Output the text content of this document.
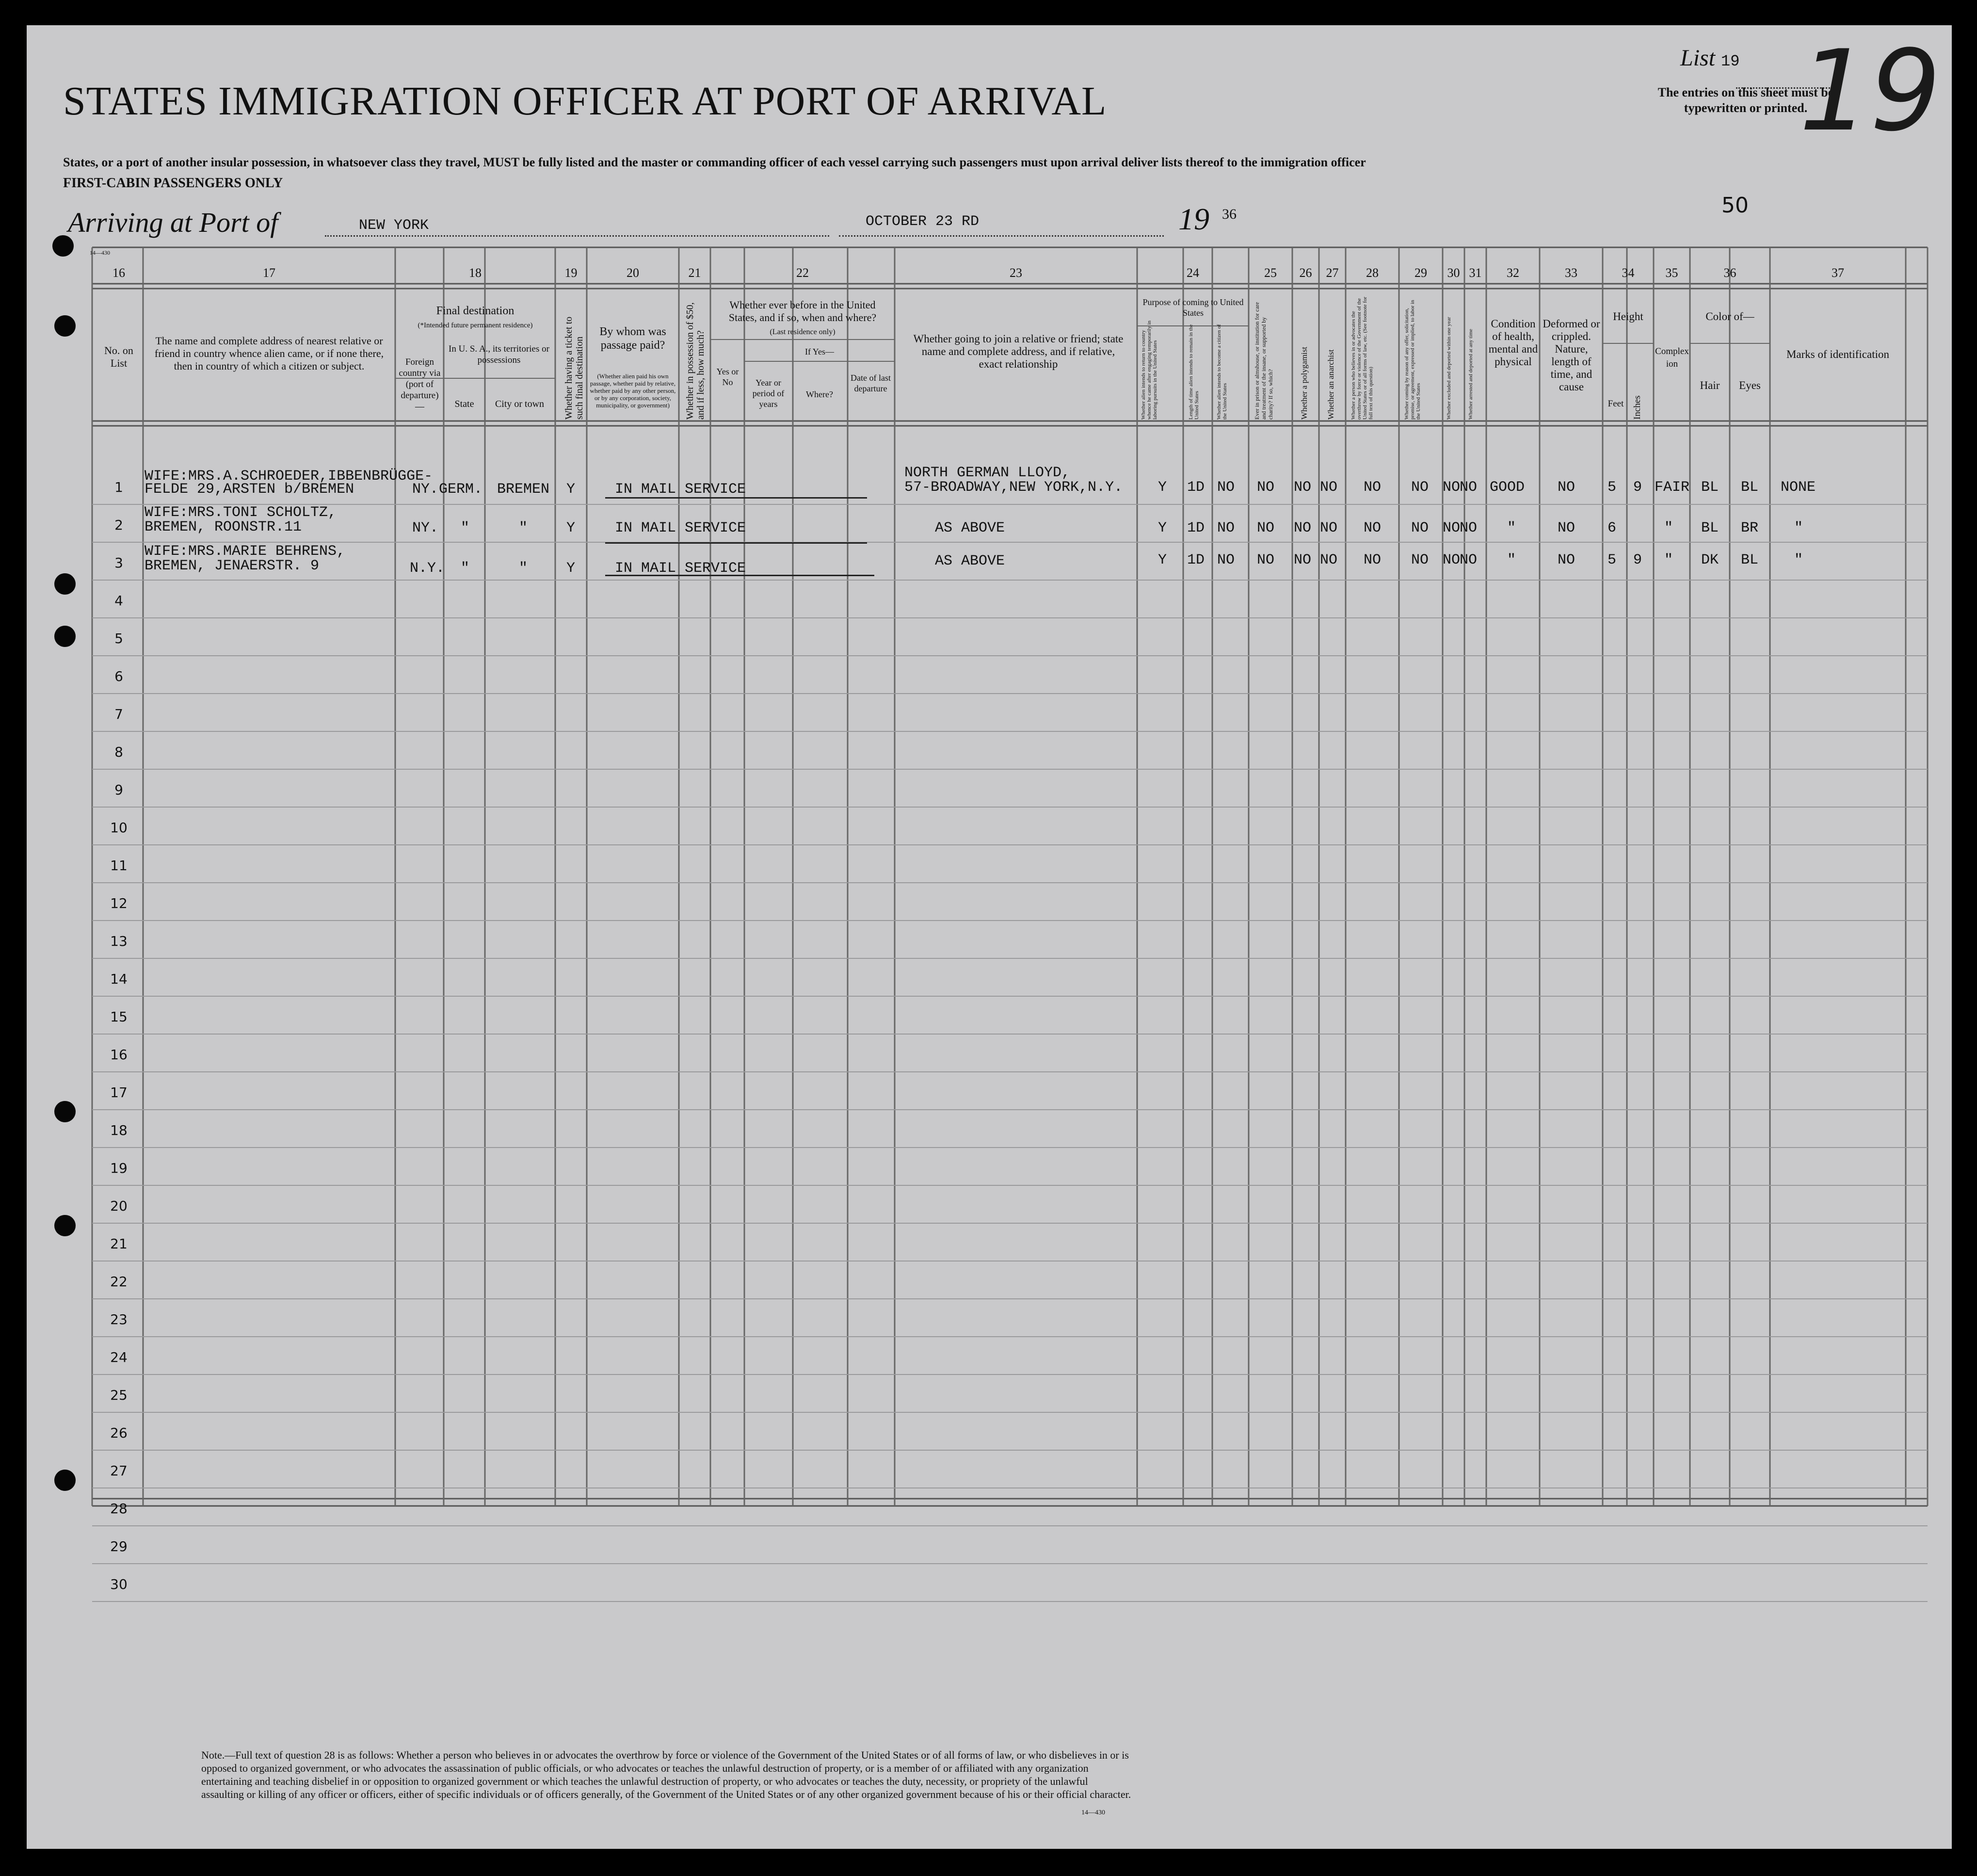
STATES IMMIGRATION OFFICER AT PORT OF ARRIVAL
States, or a port of another insular possession, in whatsoever class they travel, MUST be fully listed and the master or commanding officer of each vessel carrying such passengers must upon arrival deliver lists thereof to the immigration officer
FIRST-CABIN PASSENGERS ONLY
Arriving at Port of	NEW YORK	OCTOBER 23 RD	19 36
List 19
The entries on this sheet must be typewritten or printed.
19
50
14—430
16	17	18	19	20	21	22	23	24	25	26	27	28	29	30 31	32	33	34	35	36	37
No. on List
The name and complete address of nearest relative or friend in country whence alien came, or if none there, then in country of which a citizen or subject.
Final destination
(*Intended future permanent residence)
Foreign country via (port of departure)—
In U. S. A., its territories or possessions
State	City or town	Whether having a ticket to such final destination
By whom was passage paid?
(Whether alien paid his own passage, whether paid by relative, whether paid by any other person, or by any corporation, society, municipality, or government)	Whether in possession of $50, and if less, how much?
Whether ever before in the United States, and if so, when and where?
(Last residence only)
Yes or No
If Yes—
Year or period of years
Where?
Date of last departure
Whether going to join a relative or friend; state name and complete address, and if relative, exact relationship
Purpose of coming to United States
Whether alien intends to return to country whence he came after engaging temporarily in laboring pursuits in the United States	Length of time alien intends to remain in the United States	Whether alien intends to become a citizen of the United States	Ever in prison or almshouse, or institution for care and treatment of the insane, or supported by charity? If so, which?	Whether a polygamist Whether an anarchist	Whether a person who believes in or advocates the overthrow by force or violence of the Government of the United States or of all forms of law, etc. (See footnote for full text of this question)	Whether coming by reason of any offer, solicitation, promise, or agreement, expressed or implied, to labor in the United States	Whether excluded and deported within one year	Whether arrested and deported at any time
Condition of health, mental and physical
Deformed or crippled. Nature, length of time, and cause
Height
Feet Inches
Complexion
Color of—
Hair	Eyes
Marks of identification
1
2
3
4
5
6
7
8
9
10
11
12
13
14
15
16
17
18
19
20
21
22
23
24
25
26
27
28
29
30
WIFE:MRS.A.SCHROEDER,IBBENBRÜGGE-
FELDE 29,ARSTEN b/BREMEN	NY. GERM. BREMEN Y	IN MAIL SERVICE
NORTH GERMAN LLOYD,
57-BROADWAY,NEW YORK,N.Y. Y 1D NO NO NO NO NO NO NO
NO GOOD NO 5 9 FAIR BL BL NONE
WIFE:MRS.TONI SCHOLTZ,
BREMEN, ROONSTR.11	NY. "	"	Y	IN MAIL SERVICE	AS ABOVE	Y 1D NO NO NO NO NO NO NO
NO "	NO 6	" BL BR "
WIFE:MRS.MARIE BEHRENS,
BREMEN, JENAERSTR. 9	N.Y. "	"	Y	IN MAIL SERVICE	AS ABOVE	Y 1D NO NO NO NO NO NO NO
NO "	NO 5 9 " DK BL "
Note.—Full text of question 28 is as follows: Whether a person who believes in or advocates the overthrow by force or violence of the Government of the United States or of all forms of law, or who disbelieves in or is opposed to organized government, or who advocates the assassination of public officials, or who advocates or teaches the unlawful destruction of property, or is a member of or affiliated with any organization entertaining and teaching disbelief in or opposition to organized government or which teaches the unlawful destruction of property, or who advocates or teaches the duty, necessity, or propriety of the unlawful assaulting or killing of any officer or officers, either of specific individuals or of officers generally, of the Government of the United States or of any other organized government because of his or their official character.
14—430
